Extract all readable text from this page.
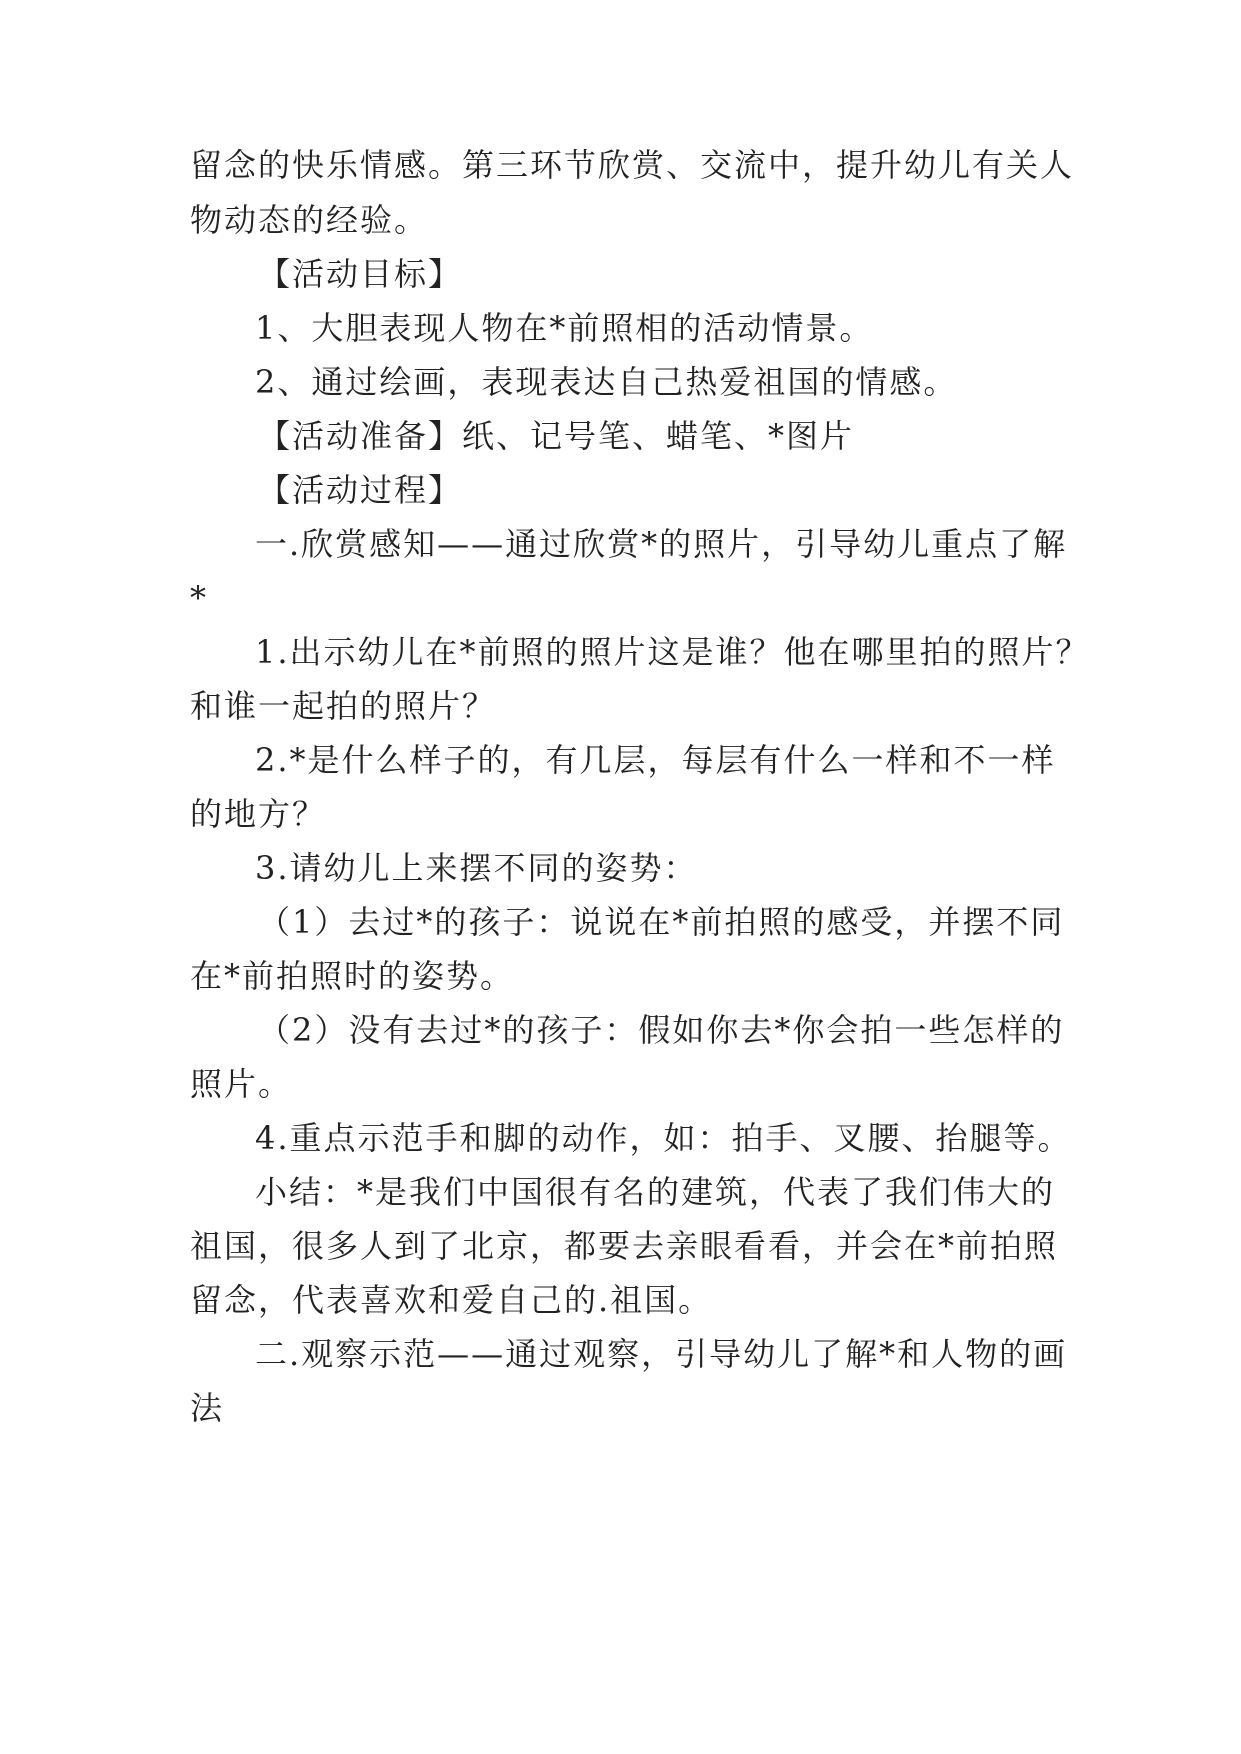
留念的快乐情感。第三环节欣赏、交流中，提升幼儿有关人

物动态的经验。

【活动目标】

1、大胆表现人物在*前照相的活动情景。

2、通过绘画，表现表达自己热爱祖国的情感。

【活动准备】纸、记号笔、蜡笔、*图片

【活动过程】

一.欣赏感知——通过欣赏*的照片，引导幼儿重点了解

*

1.出示幼儿在*前照的照片这是谁？他在哪里拍的照片？

和谁一起拍的照片？

2.*是什么样子的，有几层，每层有什么一样和不一样

的地方？

3.请幼儿上来摆不同的姿势：

（1）去过*的孩子：说说在*前拍照的感受，并摆不同

在*前拍照时的姿势。

（2）没有去过*的孩子：假如你去*你会拍一些怎样的

照片。

4.重点示范手和脚的动作，如：拍手、叉腰、抬腿等。

小结：*是我们中国很有名的建筑，代表了我们伟大的

祖国，很多人到了北京，都要去亲眼看看，并会在*前拍照

留念，代表喜欢和爱自己的.祖国。

二.观察示范——通过观察，引导幼儿了解*和人物的画

法
